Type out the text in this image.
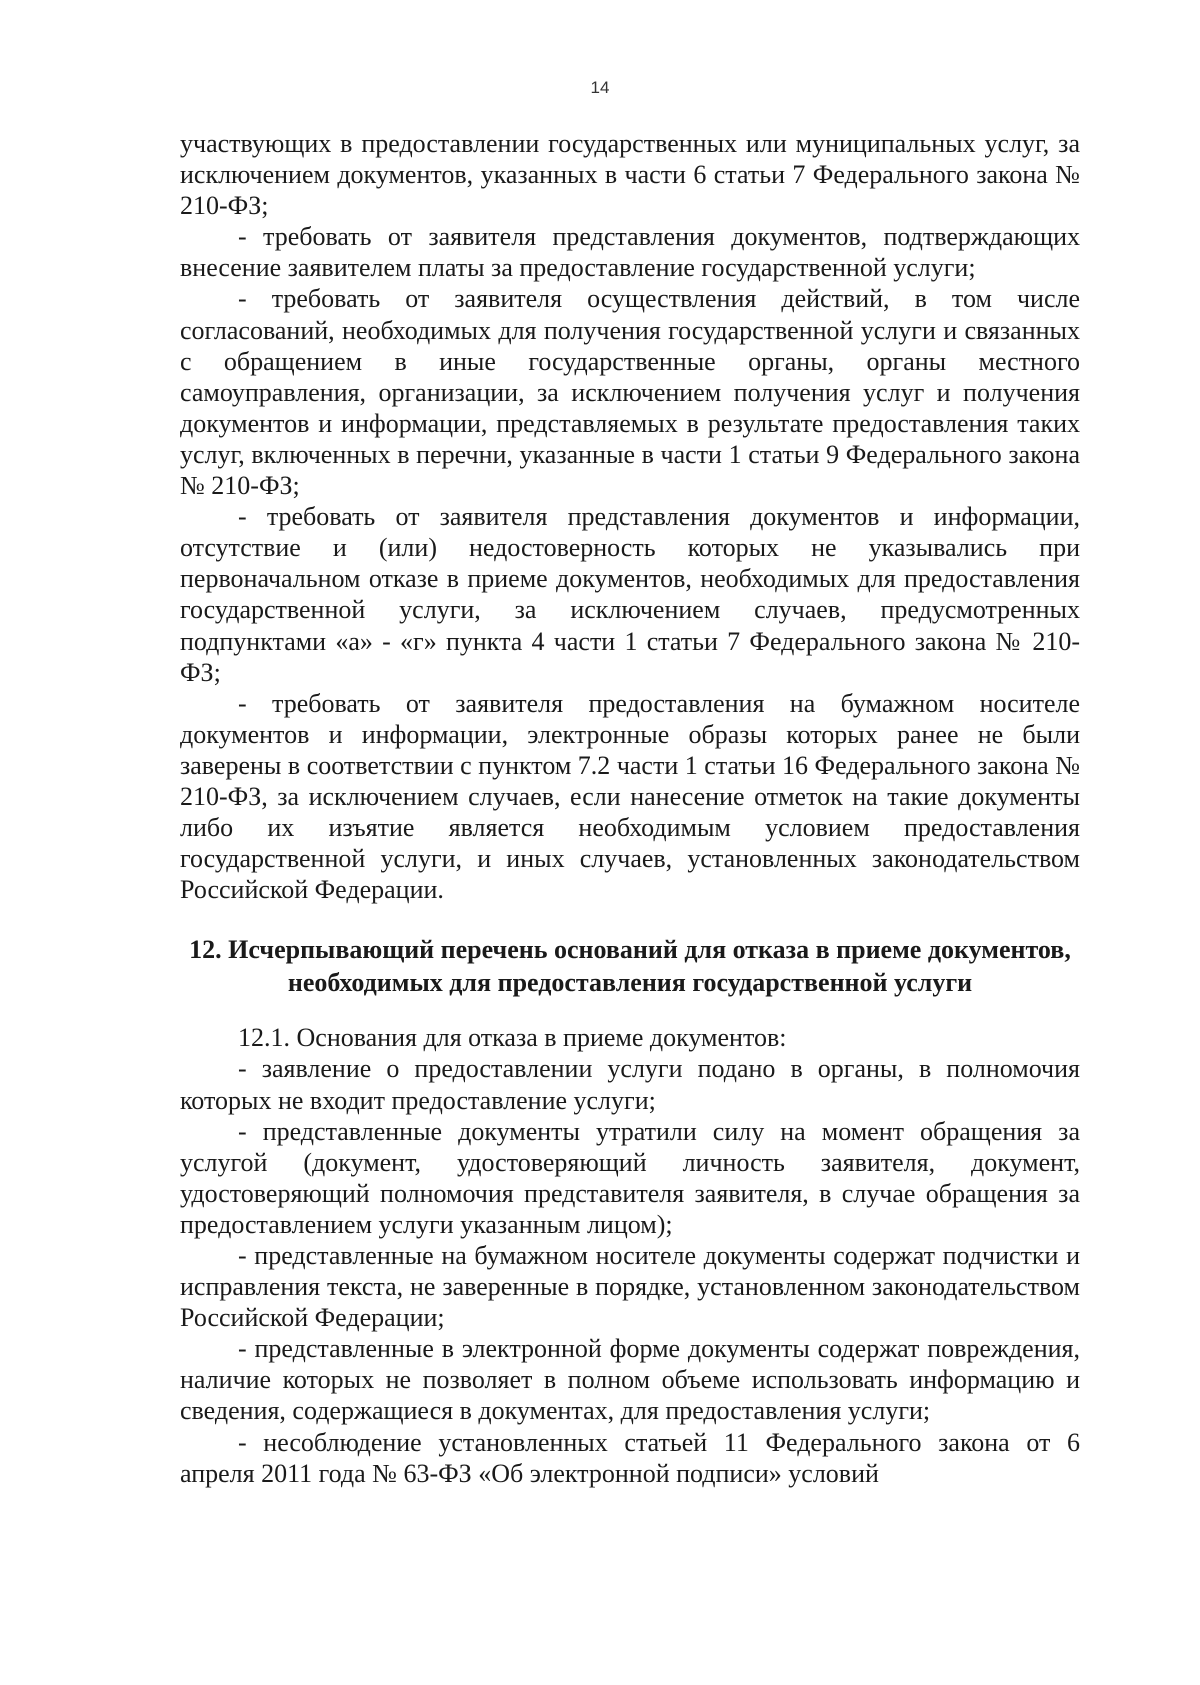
14

участвующих в предоставлении государственных или муниципальных услуг, за исключением документов, указанных в части 6 статьи 7 Федерального закона № 210-ФЗ;

- требовать от заявителя представления документов, подтверждающих внесение заявителем платы за предоставление государственной услуги;

- требовать от заявителя осуществления действий, в том числе согласований, необходимых для получения государственной услуги и связанных с обращением в иные государственные органы, органы местного самоуправления, организации, за исключением получения услуг и получения документов и информации, представляемых в результате предоставления таких услуг, включенных в перечни, указанные в части 1 статьи 9 Федерального закона № 210-ФЗ;

- требовать от заявителя представления документов и информации, отсутствие и (или) недостоверность которых не указывались при первоначальном отказе в приеме документов, необходимых для предоставления государственной услуги, за исключением случаев, предусмотренных подпунктами «а» - «г» пункта 4 части 1 статьи 7 Федерального закона № 210-ФЗ;

- требовать от заявителя предоставления на бумажном носителе документов и информации, электронные образы которых ранее не были заверены в соответствии с пунктом 7.2 части 1 статьи 16 Федерального закона № 210-ФЗ, за исключением случаев, если нанесение отметок на такие документы либо их изъятие является необходимым условием предоставления государственной услуги, и иных случаев, установленных законодательством Российской Федерации.

12. Исчерпывающий перечень оснований для отказа в приеме документов, необходимых для предоставления государственной услуги

12.1. Основания для отказа в приеме документов:

- заявление о предоставлении услуги подано в органы, в полномочия которых не входит предоставление услуги;

- представленные документы утратили силу на момент обращения за услугой (документ, удостоверяющий личность заявителя, документ, удостоверяющий полномочия представителя заявителя, в случае обращения за предоставлением услуги указанным лицом);

- представленные на бумажном носителе документы содержат подчистки и исправления текста, не заверенные в порядке, установленном законодательством Российской Федерации;

- представленные в электронной форме документы содержат повреждения, наличие которых не позволяет в полном объеме использовать информацию и сведения, содержащиеся в документах, для предоставления услуги;

- несоблюдение установленных статьей 11 Федерального закона от 6 апреля 2011 года № 63-ФЗ «Об электронной подписи» условий
